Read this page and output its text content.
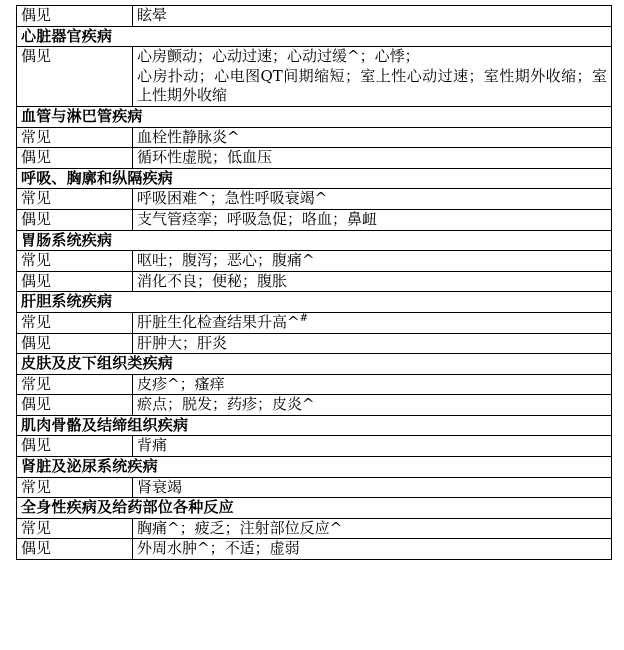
偶见	眩晕
心脏器官疾病	
偶见	心房颤动；心动过速；心动过缓^；心悸；
心房扑动；心电图QT间期缩短；室上性心动过速；室性期外收缩；室上性期外收缩
血管与淋巴管疾病	
常见	血栓性静脉炎^
偶见	循环性虚脱；低血压
呼吸、胸廓和纵隔疾病	
常见	呼吸困难^；急性呼吸衰竭^
偶见	支气管痉挛；呼吸急促；咯血；鼻衄
胃肠系统疾病	
常见	呕吐；腹泻；恶心；腹痛^
偶见	消化不良；便秘；腹胀
肝胆系统疾病	
常见	肝脏生化检查结果升高^#
偶见	肝肿大；肝炎
皮肤及皮下组织类疾病	
常见	皮疹^；瘙痒
偶见	瘀点；脱发；药疹；皮炎^
肌肉骨骼及结缔组织疾病	
偶见	背痛
肾脏及泌尿系统疾病	
常见	肾衰竭
全身性疾病及给药部位各种反应	
常见	胸痛^；疲乏；注射部位反应^
偶见	外周水肿^；不适；虚弱
